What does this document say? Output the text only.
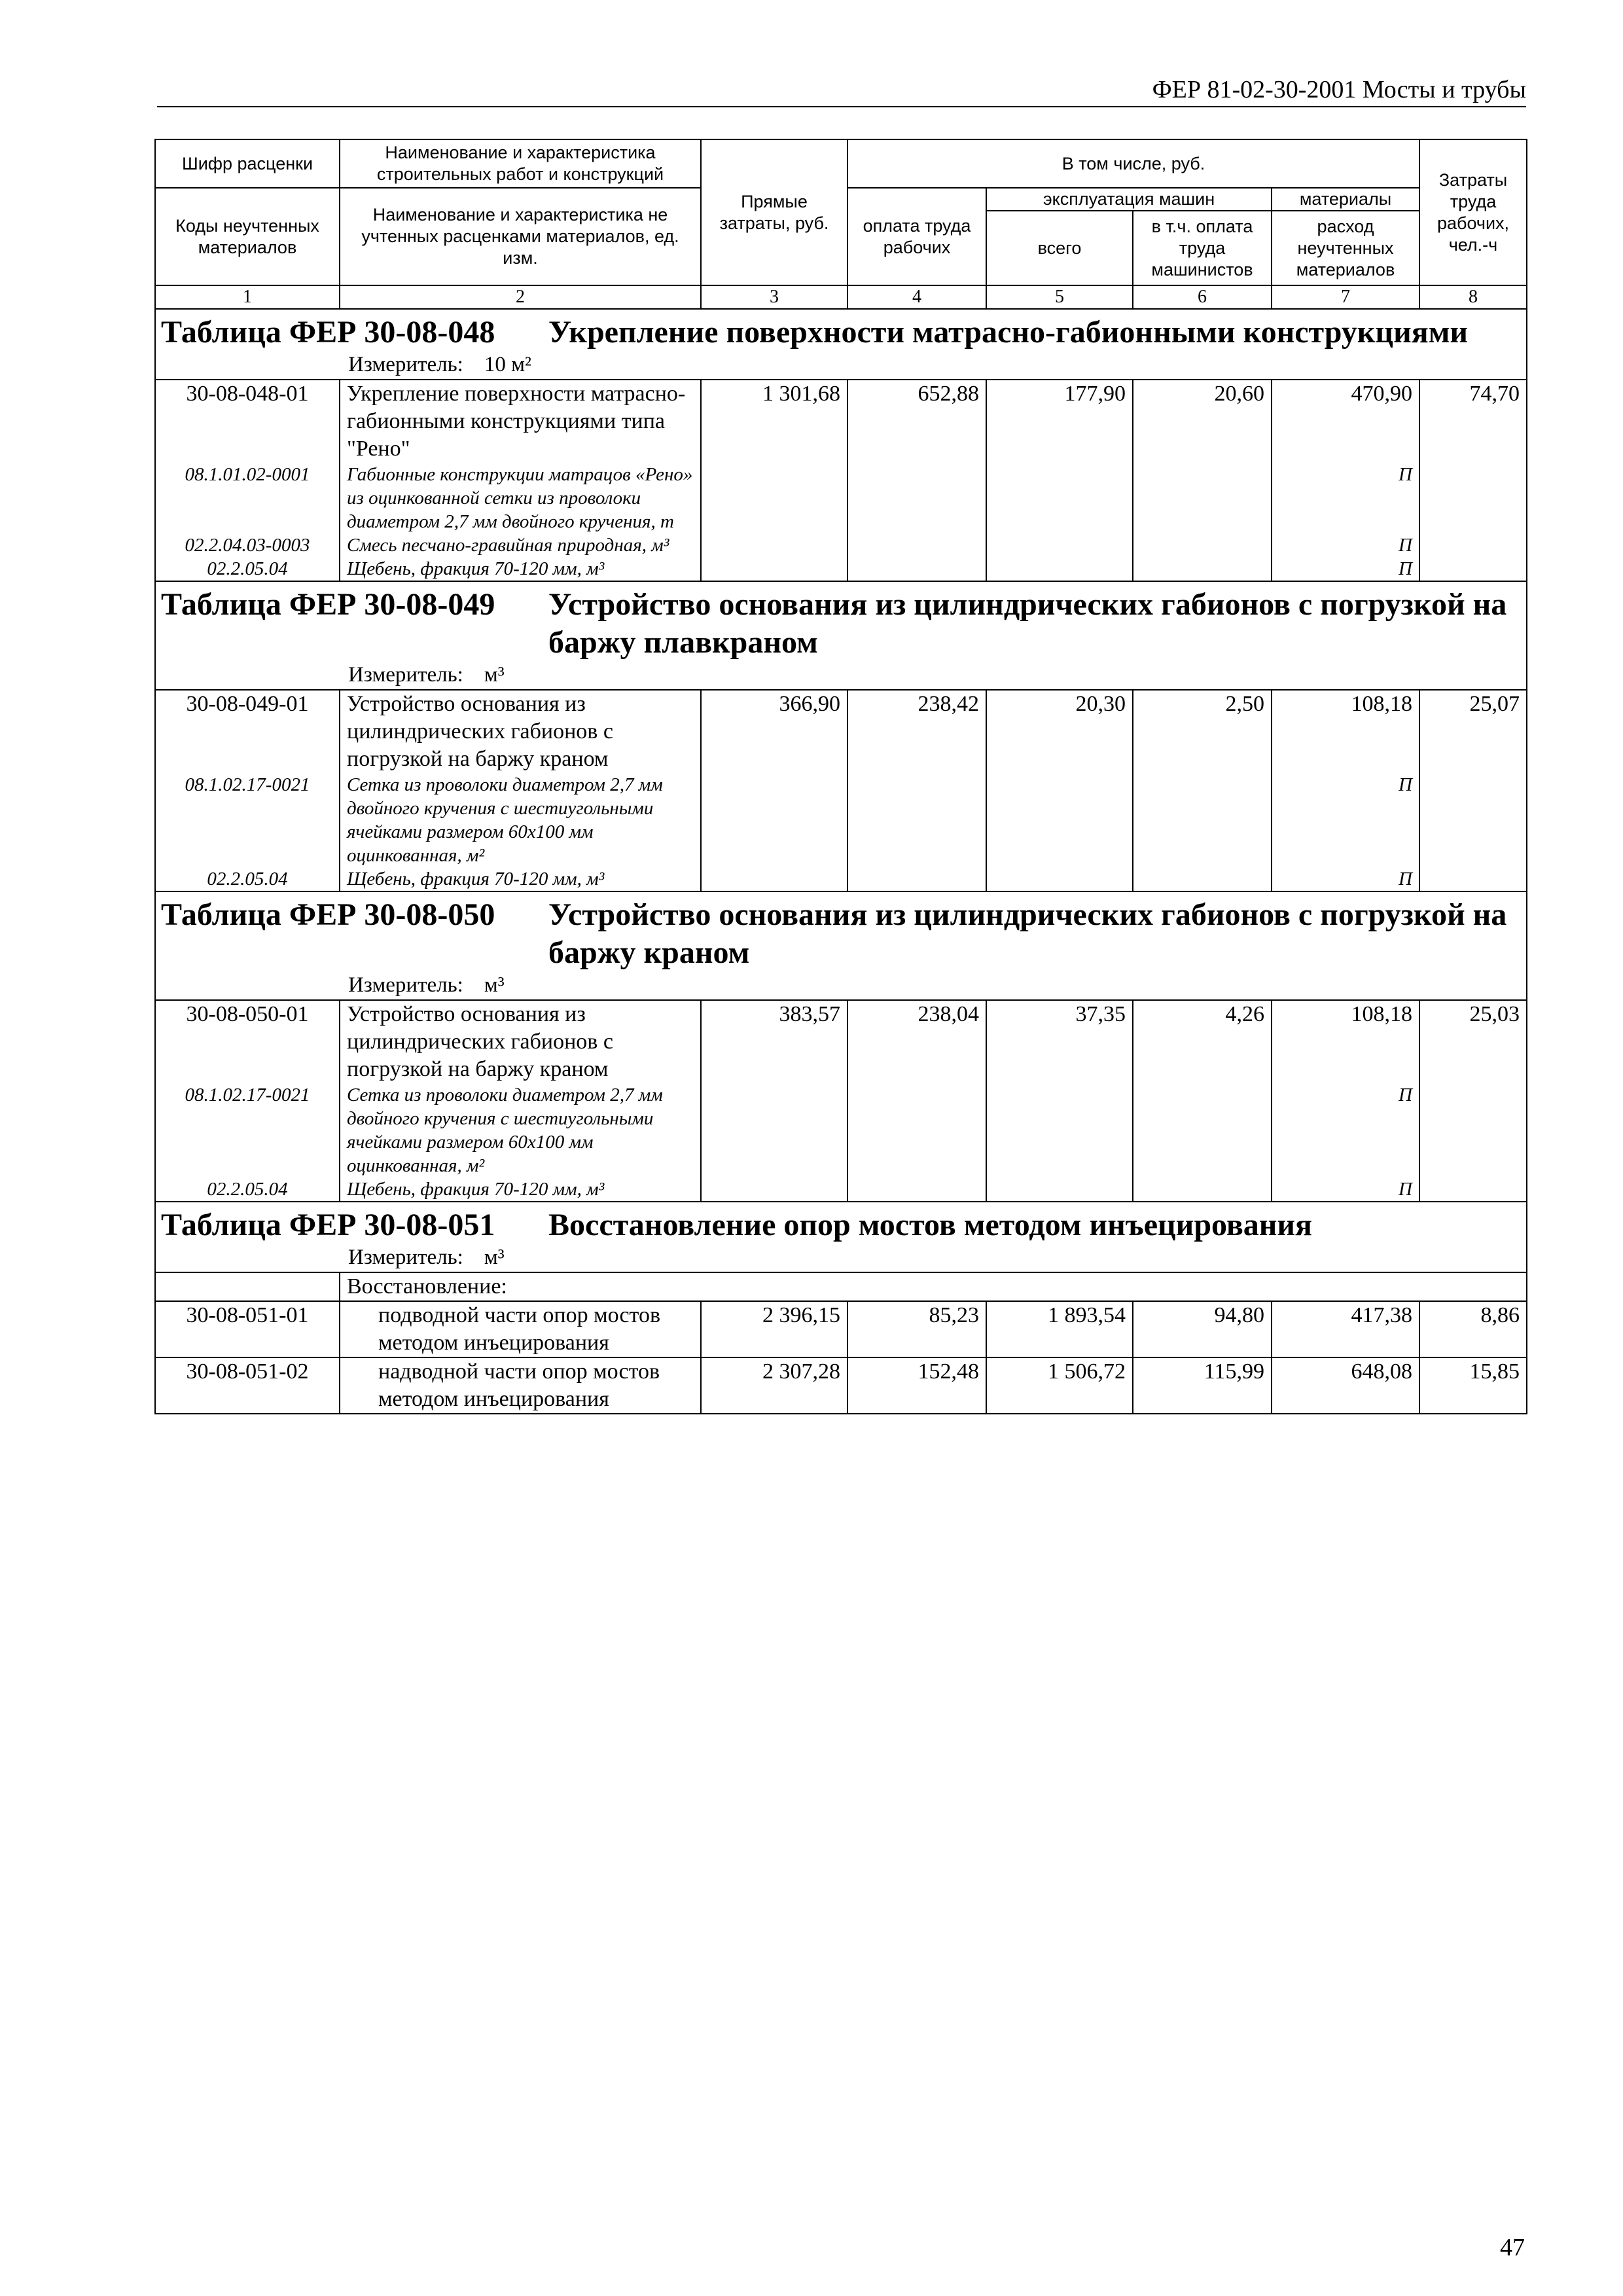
ФЕР 81-02-30-2001 Мосты и трубы
Шифр расценки	Наименование и характеристика строительных работ и конструкций	Прямые затраты, руб.	В том числе, руб.				Затраты труда рабочих, чел.-ч
Коды неучтенных материалов	Наименование и характеристика не учтенных расценками материалов, ед. изм.		оплата труда рабочих	эксплуатация машин		материалы	
				всего	в т.ч. оплата труда машинистов	расход неучтенных материалов	
1	2	3	4	5	6	7	8
Таблица ФЕР 30-08-048 Укрепление поверхности матрасно-габионными конструкциями							
Измеритель: 10 м²							
30-08-048-01	Укрепление поверхности матрасно-габионными конструкциями типа "Рено"	1 301,68	652,88	177,90	20,60	470,90	74,70
08.1.01.02-0001	Габионные конструкции матрацов «Рено» из оцинкованной сетки из проволоки диаметром 2,7 мм двойного кручения, т					П	
02.2.04.03-0003	Смесь песчано-гравийная природная, м³					П	
02.2.05.04	Щебень, фракция 70-120 мм, м³					П	
Таблица ФЕР 30-08-049 Устройство основания из цилиндрических габионов с погрузкой на баржу плавкраном							
Измеритель: м³							
30-08-049-01	Устройство основания из цилиндрических габионов с погрузкой на баржу краном	366,90	238,42	20,30	2,50	108,18	25,07
08.1.02.17-0021	Сетка из проволоки диаметром 2,7 мм двойного кручения с шестиугольными ячейками размером 60х100 мм оцинкованная, м²					П	
02.2.05.04	Щебень, фракция 70-120 мм, м³					П	
Таблица ФЕР 30-08-050 Устройство основания из цилиндрических габионов с погрузкой на баржу краном							
Измеритель: м³							
30-08-050-01	Устройство основания из цилиндрических габионов с погрузкой на баржу краном	383,57	238,04	37,35	4,26	108,18	25,03
08.1.02.17-0021	Сетка из проволоки диаметром 2,7 мм двойного кручения с шестиугольными ячейками размером 60х100 мм оцинкованная, м²					П	
02.2.05.04	Щебень, фракция 70-120 мм, м³					П	
Таблица ФЕР 30-08-051 Восстановление опор мостов методом инъецирования							
Измеритель: м³							
	Восстановление:						
30-08-051-01	подводной части опор мостов методом инъецирования	2 396,15	85,23	1 893,54	94,80	417,38	8,86
30-08-051-02	надводной части опор мостов методом инъецирования	2 307,28	152,48	1 506,72	115,99	648,08	15,85
47
